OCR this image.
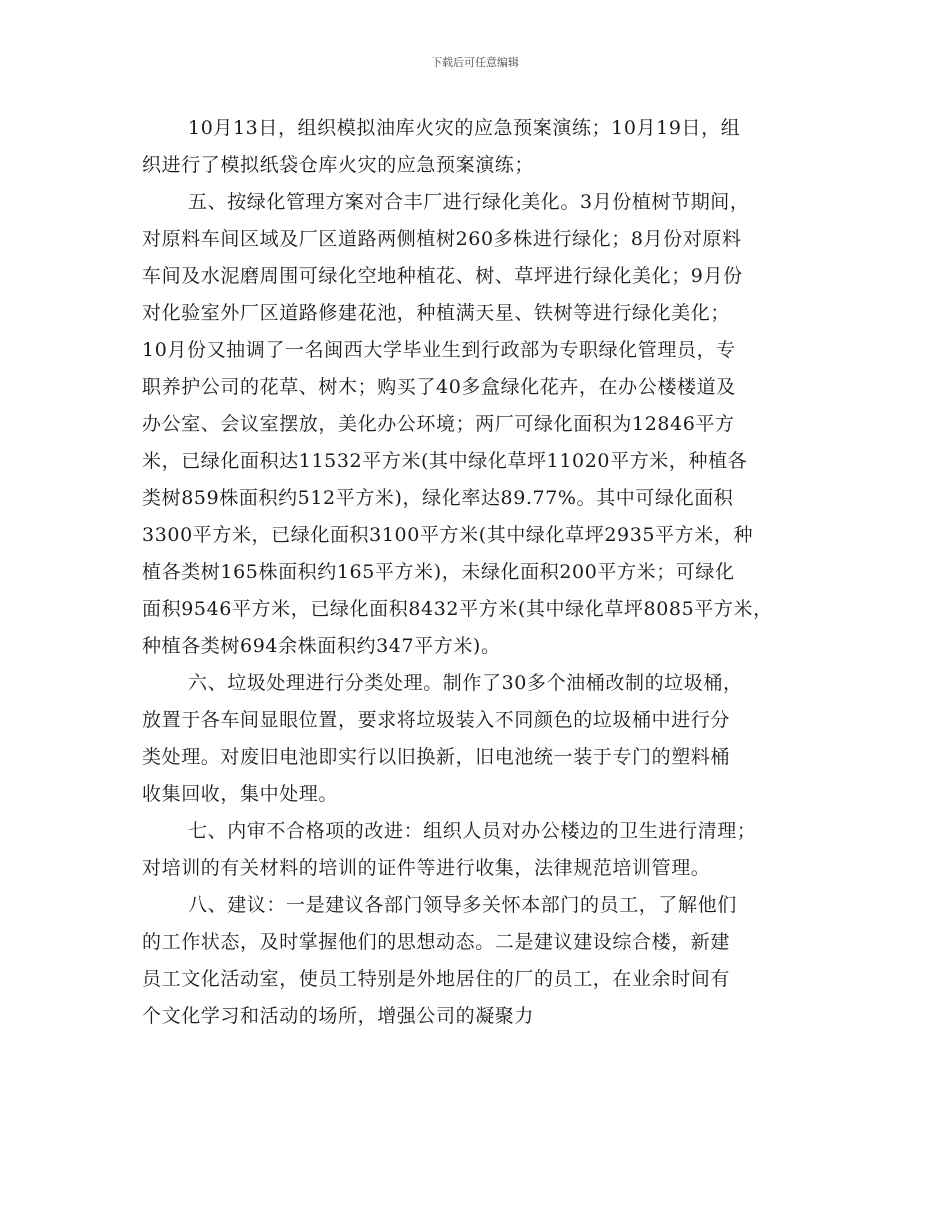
下载后可任意编辑
10月13日，组织模拟油库火灾的应急预案演练；10月19日，组
织进行了模拟纸袋仓库火灾的应急预案演练；
五、按绿化管理方案对合丰厂进行绿化美化。3月份植树节期间，
对原料车间区域及厂区道路两侧植树260多株进行绿化；8月份对原料
车间及水泥磨周围可绿化空地种植花、树、草坪进行绿化美化；9月份
对化验室外厂区道路修建花池，种植满天星、铁树等进行绿化美化；
10月份又抽调了一名闽西大学毕业生到行政部为专职绿化管理员，专
职养护公司的花草、树木；购买了40多盒绿化花卉，在办公楼楼道及
办公室、会议室摆放，美化办公环境；两厂可绿化面积为12846平方
米，已绿化面积达11532平方米(其中绿化草坪11020平方米，种植各
类树859株面积约512平方米)，绿化率达89.77%。其中可绿化面积
3300平方米，已绿化面积3100平方米(其中绿化草坪2935平方米，种
植各类树165株面积约165平方米)，未绿化面积200平方米；可绿化
面积9546平方米，已绿化面积8432平方米(其中绿化草坪8085平方米，
种植各类树694余株面积约347平方米)。
六、垃圾处理进行分类处理。制作了30多个油桶改制的垃圾桶，
放置于各车间显眼位置，要求将垃圾装入不同颜色的垃圾桶中进行分
类处理。对废旧电池即实行以旧换新，旧电池统一装于专门的塑料桶
收集回收，集中处理。
七、内审不合格项的改进：组织人员对办公楼边的卫生进行清理；
对培训的有关材料的培训的证件等进行收集，法律规范培训管理。
八、建议：一是建议各部门领导多关怀本部门的员工，了解他们
的工作状态，及时掌握他们的思想动态。二是建议建设综合楼，新建
员工文化活动室，使员工特别是外地居住的厂的员工，在业余时间有
个文化学习和活动的场所，增强公司的凝聚力
